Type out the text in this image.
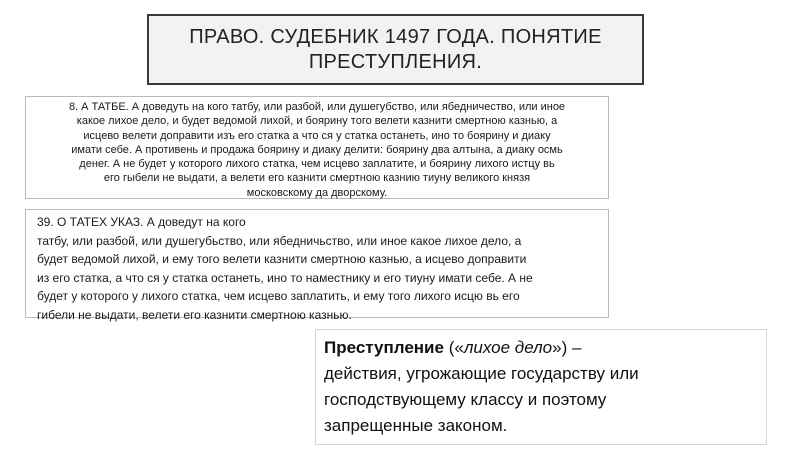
ПРАВО. СУДЕБНИК 1497 ГОДА. ПОНЯТИЕ
ПРЕСТУПЛЕНИЯ.
8. А ТАТБЕ. А доведуть на кого татбу, или разбой, или душегубство, или ябедничество, или иное
какое лихое дело, и будет ведомой лихой, и боярину того велети казнити смертною казнью, а
исцево велети доправити изъ его статка а что ся у статка останеть, ино то боярину и диаку
имати себе. А противень и продажа боярину и диаку делити: боярину два алтына, а диаку осмь
денег. А не будет у которого лихого статка, чем исцево заплатите, и боярину лихого истцу вь
его гыбели не выдати, а велети его казнити смертною казнию тиуну великого князя
московскому да дворскому.
39. О ТАТЕХ УКАЗ. А доведут на кого
татбу, или разбой, или душегубьство, или ябедничьство, или иное какое лихое дело, а
будет ведомой лихой, и ему того велети казнити смертною казнью, а исцево доправити
из его статка, а что ся у статка останеть, ино то наместнику и его тиуну имати себе. А не
будет у которого у лихого статка, чем исцево заплатить, и ему того лихого исцю вь его
гибели не выдати, велети его казнити смертною казнью.
Преступление («лихое дело») –
действия, угрожающие государству или
господствующему классу и поэтому
запрещенные законом.
